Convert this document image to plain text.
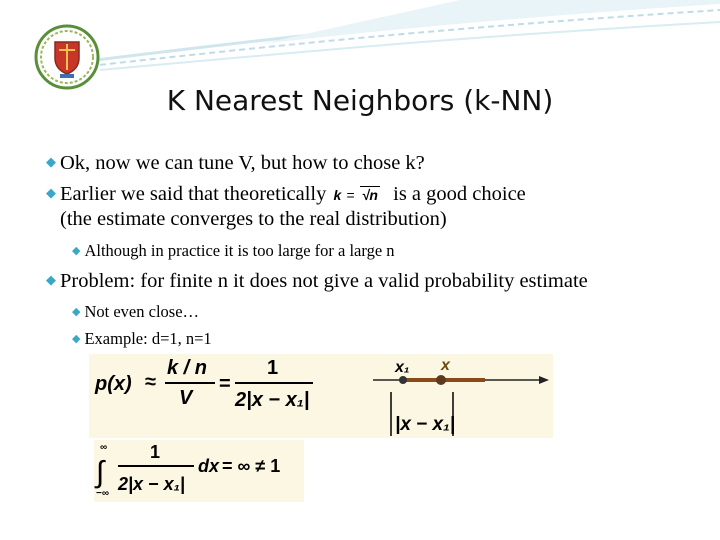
K Nearest Neighbors (k-NN)
◆ Ok, now we can tune V, but how to chose k?
◆ Earlier we said that theoretically k = √n is a good choice
(the estimate converges to the real distribution)
◆ Although in practice it is too large for a large n
◆ Problem: for finite n it does not give a valid probability estimate
◆ Not even close…
◆ Example: d=1, n=1
p(x) ≈
k / n
V
=
1
2|x − x₁|
x₁ x
|x − x₁|
∞
∫
−∞
1
2|x − x₁|
dx = ∞ ≠ 1
